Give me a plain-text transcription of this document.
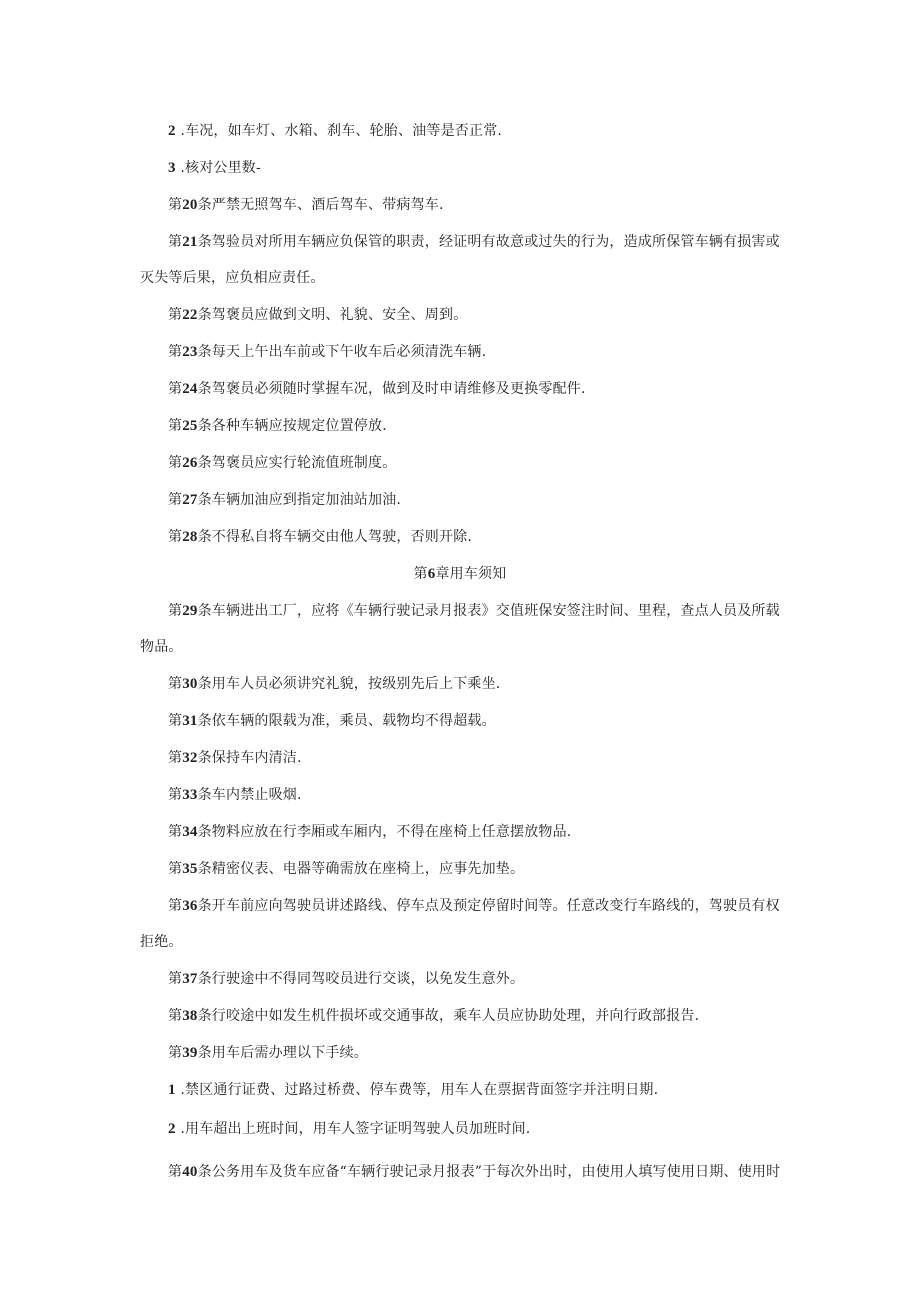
2 .车况，如车灯、水箱、刹车、轮胎、油等是否正常.
3 .核对公里数-
第20条严禁无照驾车、酒后驾车、带病驾车.
第21条驾验员对所用车辆应负保管的职责，经证明有故意或过失的行为，造成所保管车辆有损害或
灭失等后果，应负相应责任。
第22条驾褒员应做到文明、礼貌、安全、周到。
第23条每天上午出车前或下午收车后必须清洗车辆.
第24条驾褒员必须随时掌握车况，做到及时申请维修及更换零配件.
第25条各种车辆应按规定位置停放.
第26条驾褒员应实行轮流值班制度。
第27条车辆加油应到指定加油站加油.
第28条不得私自将车辆交由他人驾驶，否则开除.
第6章用车须知
第29条车辆进出工厂，应将《车辆行驶记录月报表》交值班保安签注时间、里程，查点人员及所载
物品。
第30条用车人员必须讲究礼貌，按级别先后上下乘坐.
第31条依车辆的限载为准，乘员、载物均不得超载。
第32条保持车内清洁.
第33条车内禁止吸烟.
第34条物料应放在行李厢或车厢内，不得在座椅上任意摆放物品.
第35条精密仪表、电器等确需放在座椅上，应事先加垫。
第36条开车前应向驾驶员讲述路线、停车点及预定停留时间等。任意改变行车路线的，驾驶员有权
拒绝。
第37条行驶途中不得同驾咬员进行交谈，以免发生意外。
第38条行咬途中如发生机件损坏或交通事故，乘车人员应协助处理，并向行政部报告.
第39条用车后需办理以下手续。
1 .禁区通行证费、过路过桥费、停车费等，用车人在票据背面签字并注明日期.
2 .用车超出上班时间，用车人签字证明驾驶人员加班时间.
第40条公务用车及货车应备“车辆行驶记录月报表”于每次外出时，由使用人填写使用日期、使用时
